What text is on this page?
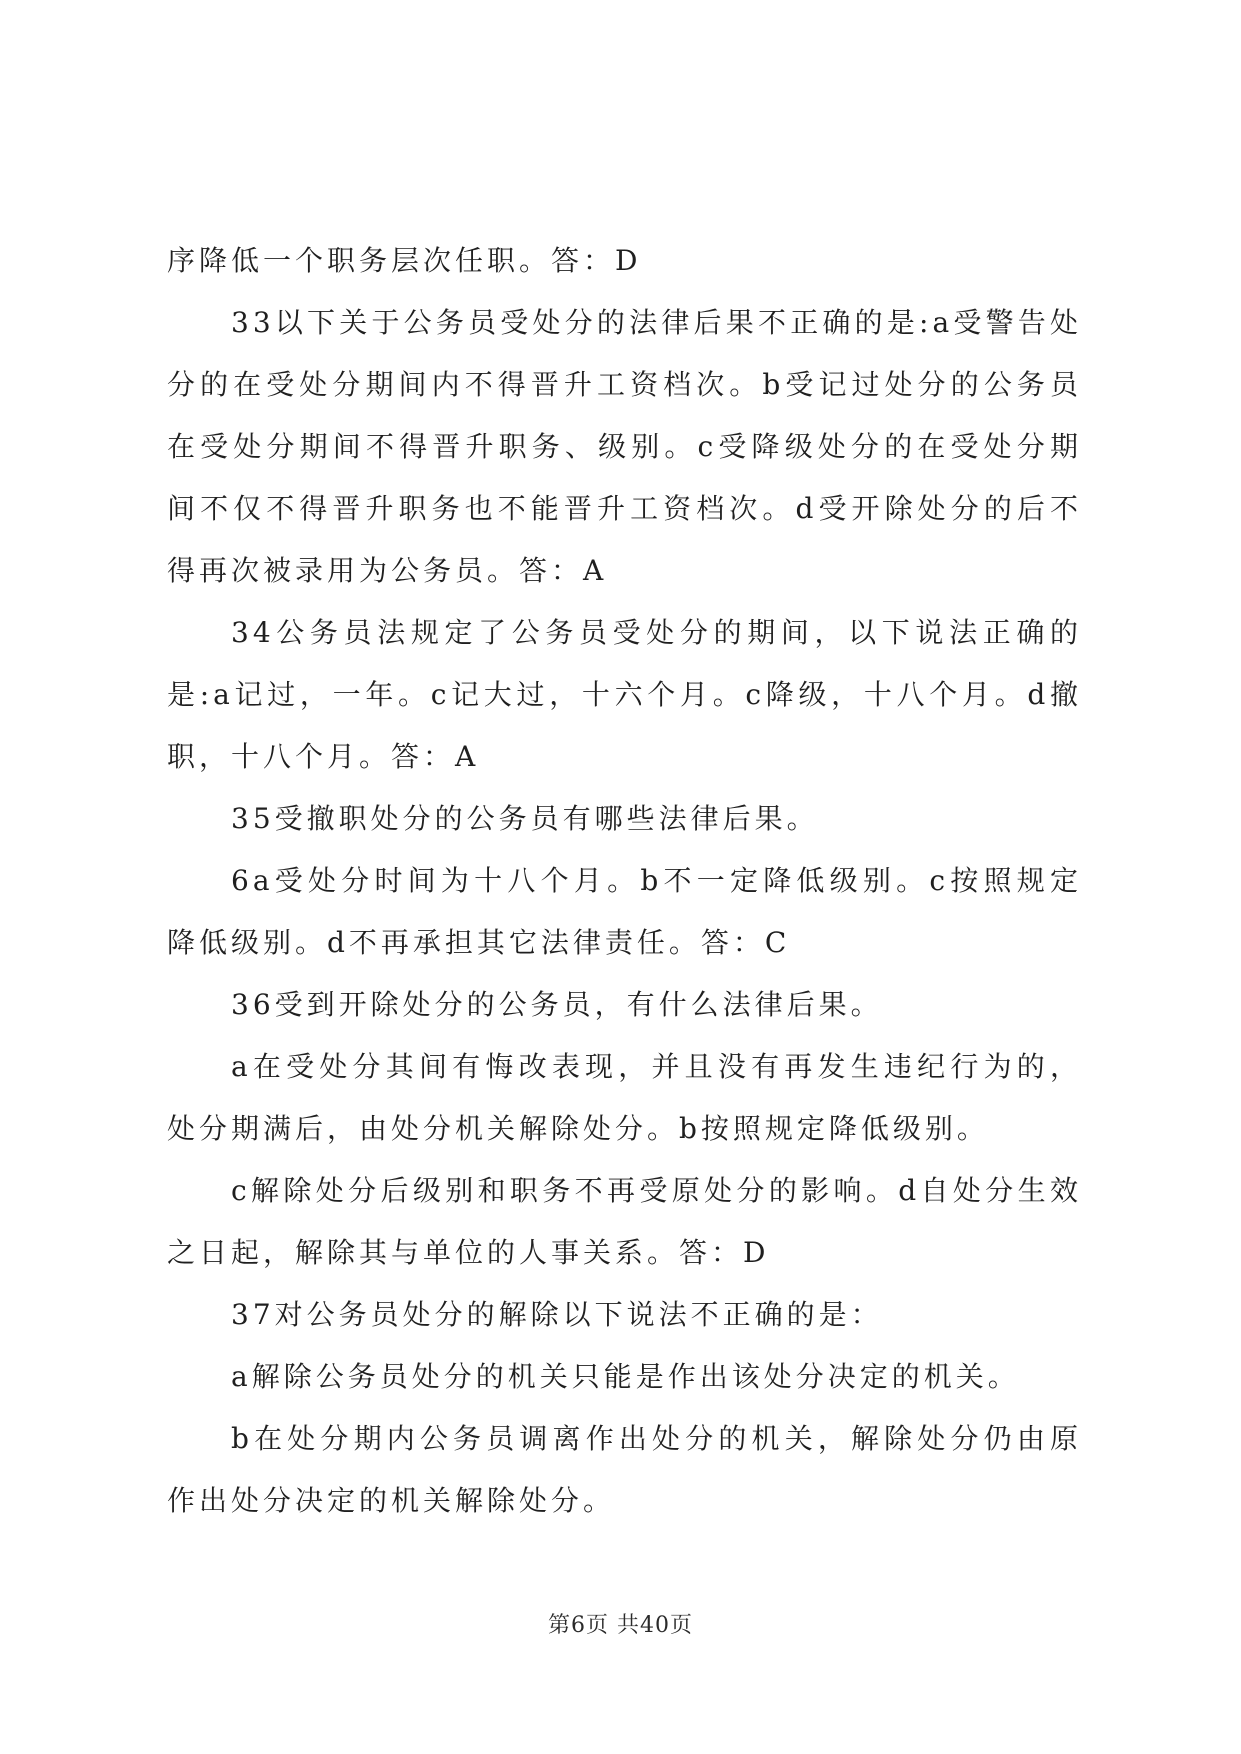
序降低一个职务层次任职。答：D

33以下关于公务员受处分的法律后果不正确的是:a受警告处分的在受处分期间内不得晋升工资档次。b受记过处分的公务员在受处分期间不得晋升职务、级别。c受降级处分的在受处分期间不仅不得晋升职务也不能晋升工资档次。d受开除处分的后不得再次被录用为公务员。答：A

34公务员法规定了公务员受处分的期间，以下说法正确的是:a记过，一年。c记大过，十六个月。c降级，十八个月。d撤职，十八个月。答：A

35受撤职处分的公务员有哪些法律后果。

6a受处分时间为十八个月。b不一定降低级别。c按照规定降低级别。d不再承担其它法律责任。答：C

36受到开除处分的公务员，有什么法律后果。

a在受处分其间有悔改表现，并且没有再发生违纪行为的，处分期满后，由处分机关解除处分。b按照规定降低级别。

c解除处分后级别和职务不再受原处分的影响。d自处分生效之日起，解除其与单位的人事关系。答：D

37对公务员处分的解除以下说法不正确的是：

a解除公务员处分的机关只能是作出该处分决定的机关。

b在处分期内公务员调离作出处分的机关，解除处分仍由原作出处分决定的机关解除处分。

第6页 共40页
